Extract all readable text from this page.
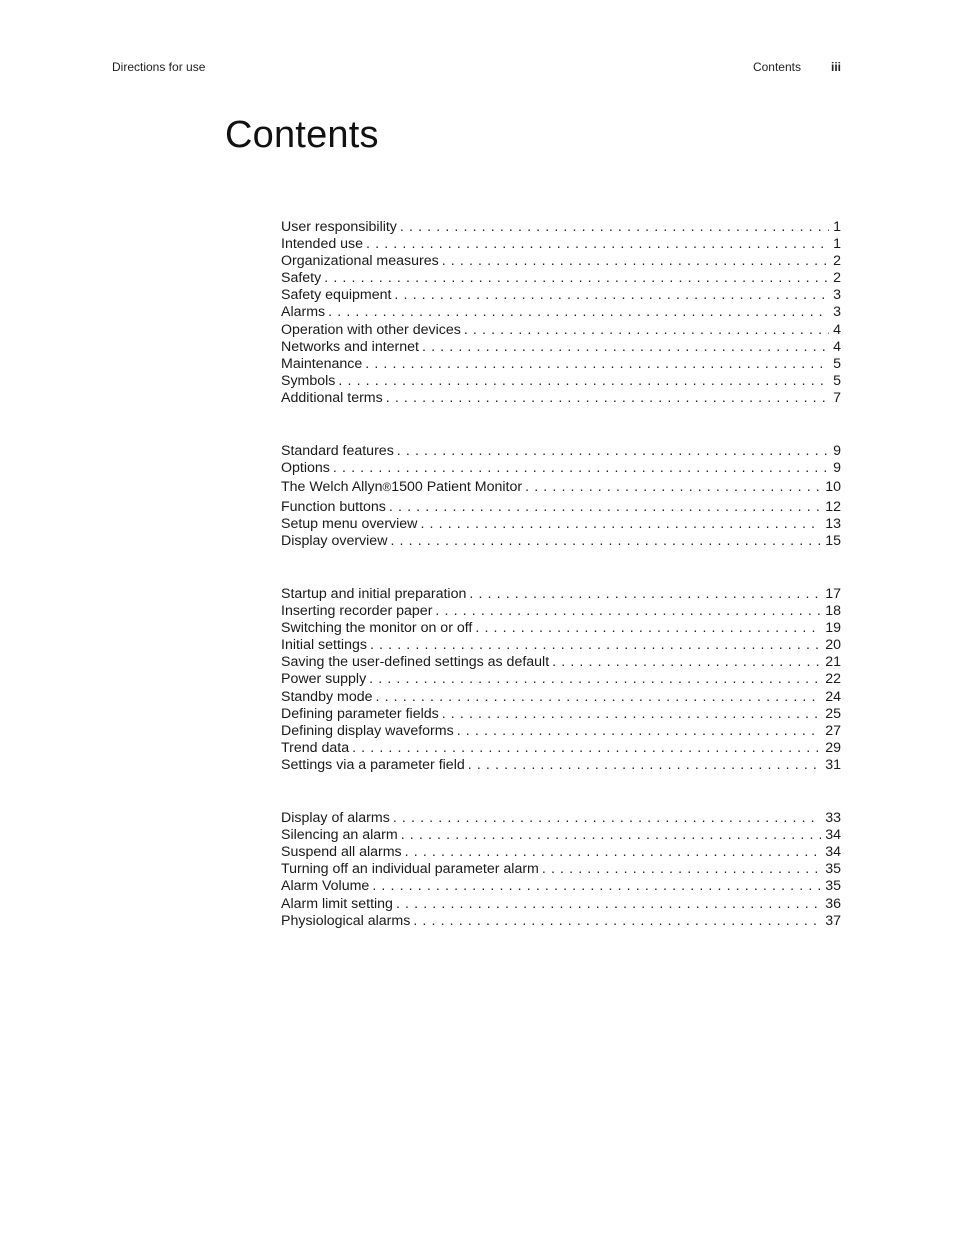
Directions for use	Contents	iii
Contents
User responsibility . . .	1
Intended use . . .	1
Organizational measures . . .	2
Safety . . .	2
Safety equipment . . .	3
Alarms . . .	3
Operation with other devices . . .	4
Networks and internet . . .	4
Maintenance . . .	5
Symbols . . .	5
Additional terms . . .	7
Standard features . . .	9
Options . . .	9
The Welch Allyn ® 1500 Patient Monitor . . .	10
Function buttons . . .	12
Setup menu overview . . .	13
Display overview . . .	15
Startup and initial preparation . . .	17
Inserting recorder paper . . .	18
Switching the monitor on or off . . .	19
Initial settings . . .	20
Saving the user-defined settings as default . . .	21
Power supply . . .	22
Standby mode . . .	24
Defining parameter fields . . .	25
Defining display waveforms . . .	27
Trend data . . .	29
Settings via a parameter field . . .	31
Display of alarms . . .	33
Silencing an alarm . . .	34
Suspend all alarms . . .	34
Turning off an individual parameter alarm . . .	35
Alarm Volume . . .	35
Alarm limit setting . . .	36
Physiological alarms . . .	37
